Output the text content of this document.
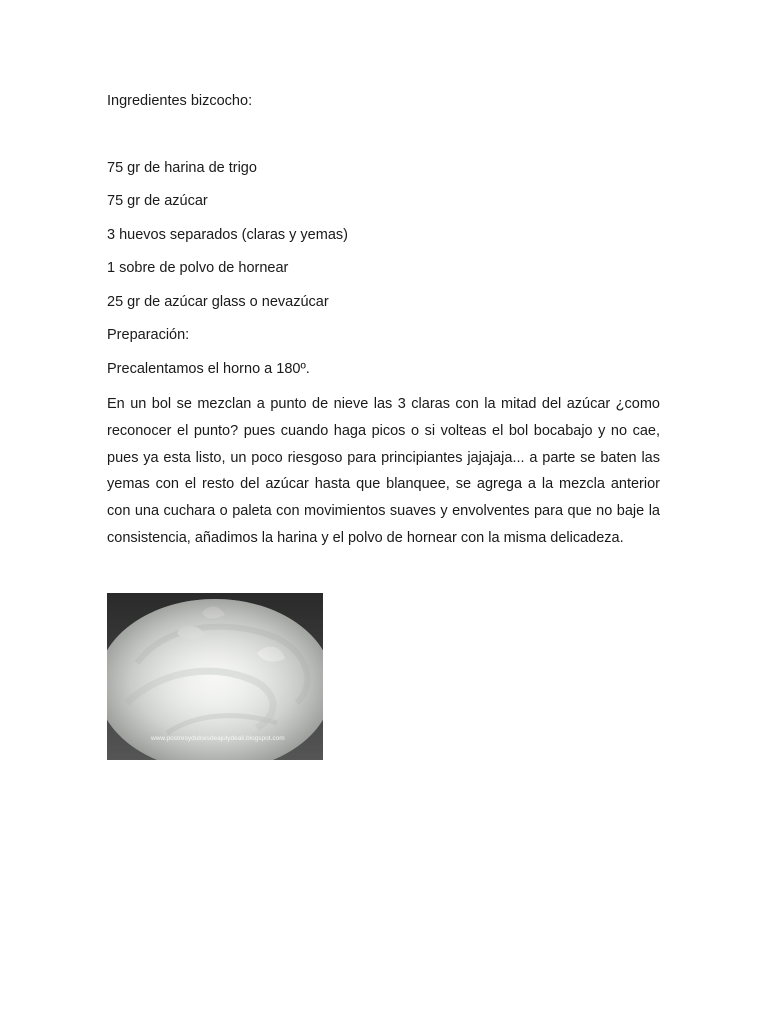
Ingredientes bizcocho:

75 gr de harina de trigo

75 gr de azúcar

3 huevos separados (claras y yemas)

1 sobre de polvo de hornear

25 gr de azúcar glass o nevazúcar

Preparación:

Precalentamos el horno a 180º.

En un bol se mezclan a punto de nieve las 3 claras con la mitad del azúcar ¿como reconocer el punto? pues cuando haga picos o si volteas el bol bocabajo y no cae, pues ya esta listo, un poco riesgoso para principiantes jajajaja... a parte se baten las yemas con el resto del azúcar hasta que blanquee, se agrega a la mezcla anterior con una cuchara o paleta con movimientos suaves y envolventes para que no baje la consistencia, añadimos la harina y el polvo de hornear con la misma delicadeza.

www.postresydulcesdeajulydeali.blogspot.com
